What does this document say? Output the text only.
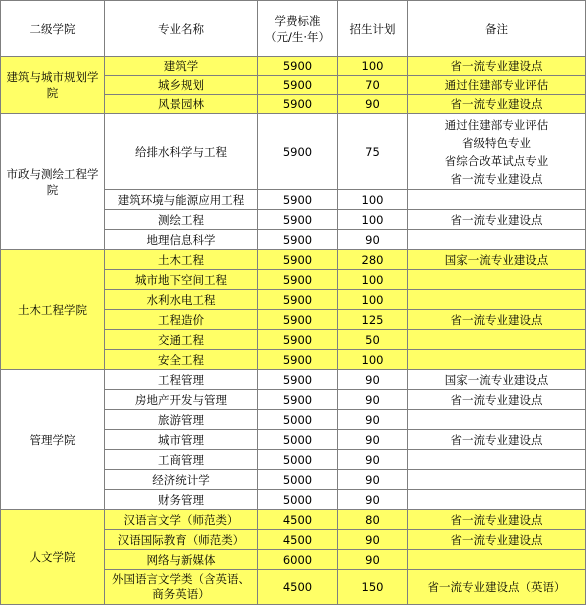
二级学院	专业名称	学费标准（元/生·年）	招生计划	备注
建筑与城市规划学院	建筑学	5900	100	省一流专业建设点
	城乡规划	5900	70	通过住建部专业评估
	风景园林	5900	90	省一流专业建设点
市政与测绘工程学院	给排水科学与工程	5900	75	通过住建部专业评估
省级特色专业
省综合改革试点专业
省一流专业建设点
	建筑环境与能源应用工程	5900	100	
	测绘工程	5900	100	省一流专业建设点
	地理信息科学	5900	90	
土木工程学院	土木工程	5900	280	国家一流专业建设点
	城市地下空间工程	5900	100	
	水利水电工程	5900	100	
	工程造价	5900	125	省一流专业建设点
	交通工程	5900	50	
	安全工程	5900	100	
管理学院	工程管理	5900	90	国家一流专业建设点
	房地产开发与管理	5900	90	省一流专业建设点
	旅游管理	5000	90	
	城市管理	5000	90	省一流专业建设点
	工商管理	5000	90	
	经济统计学	5000	90	
	财务管理	5000	90	
人文学院	汉语言文学（师范类）	4500	80	省一流专业建设点
	汉语国际教育（师范类）	4500	90	省一流专业建设点
	网络与新媒体	6000	90	
	外国语言文学类（含英语、商务英语）	4500	150	省一流专业建设点（英语）
